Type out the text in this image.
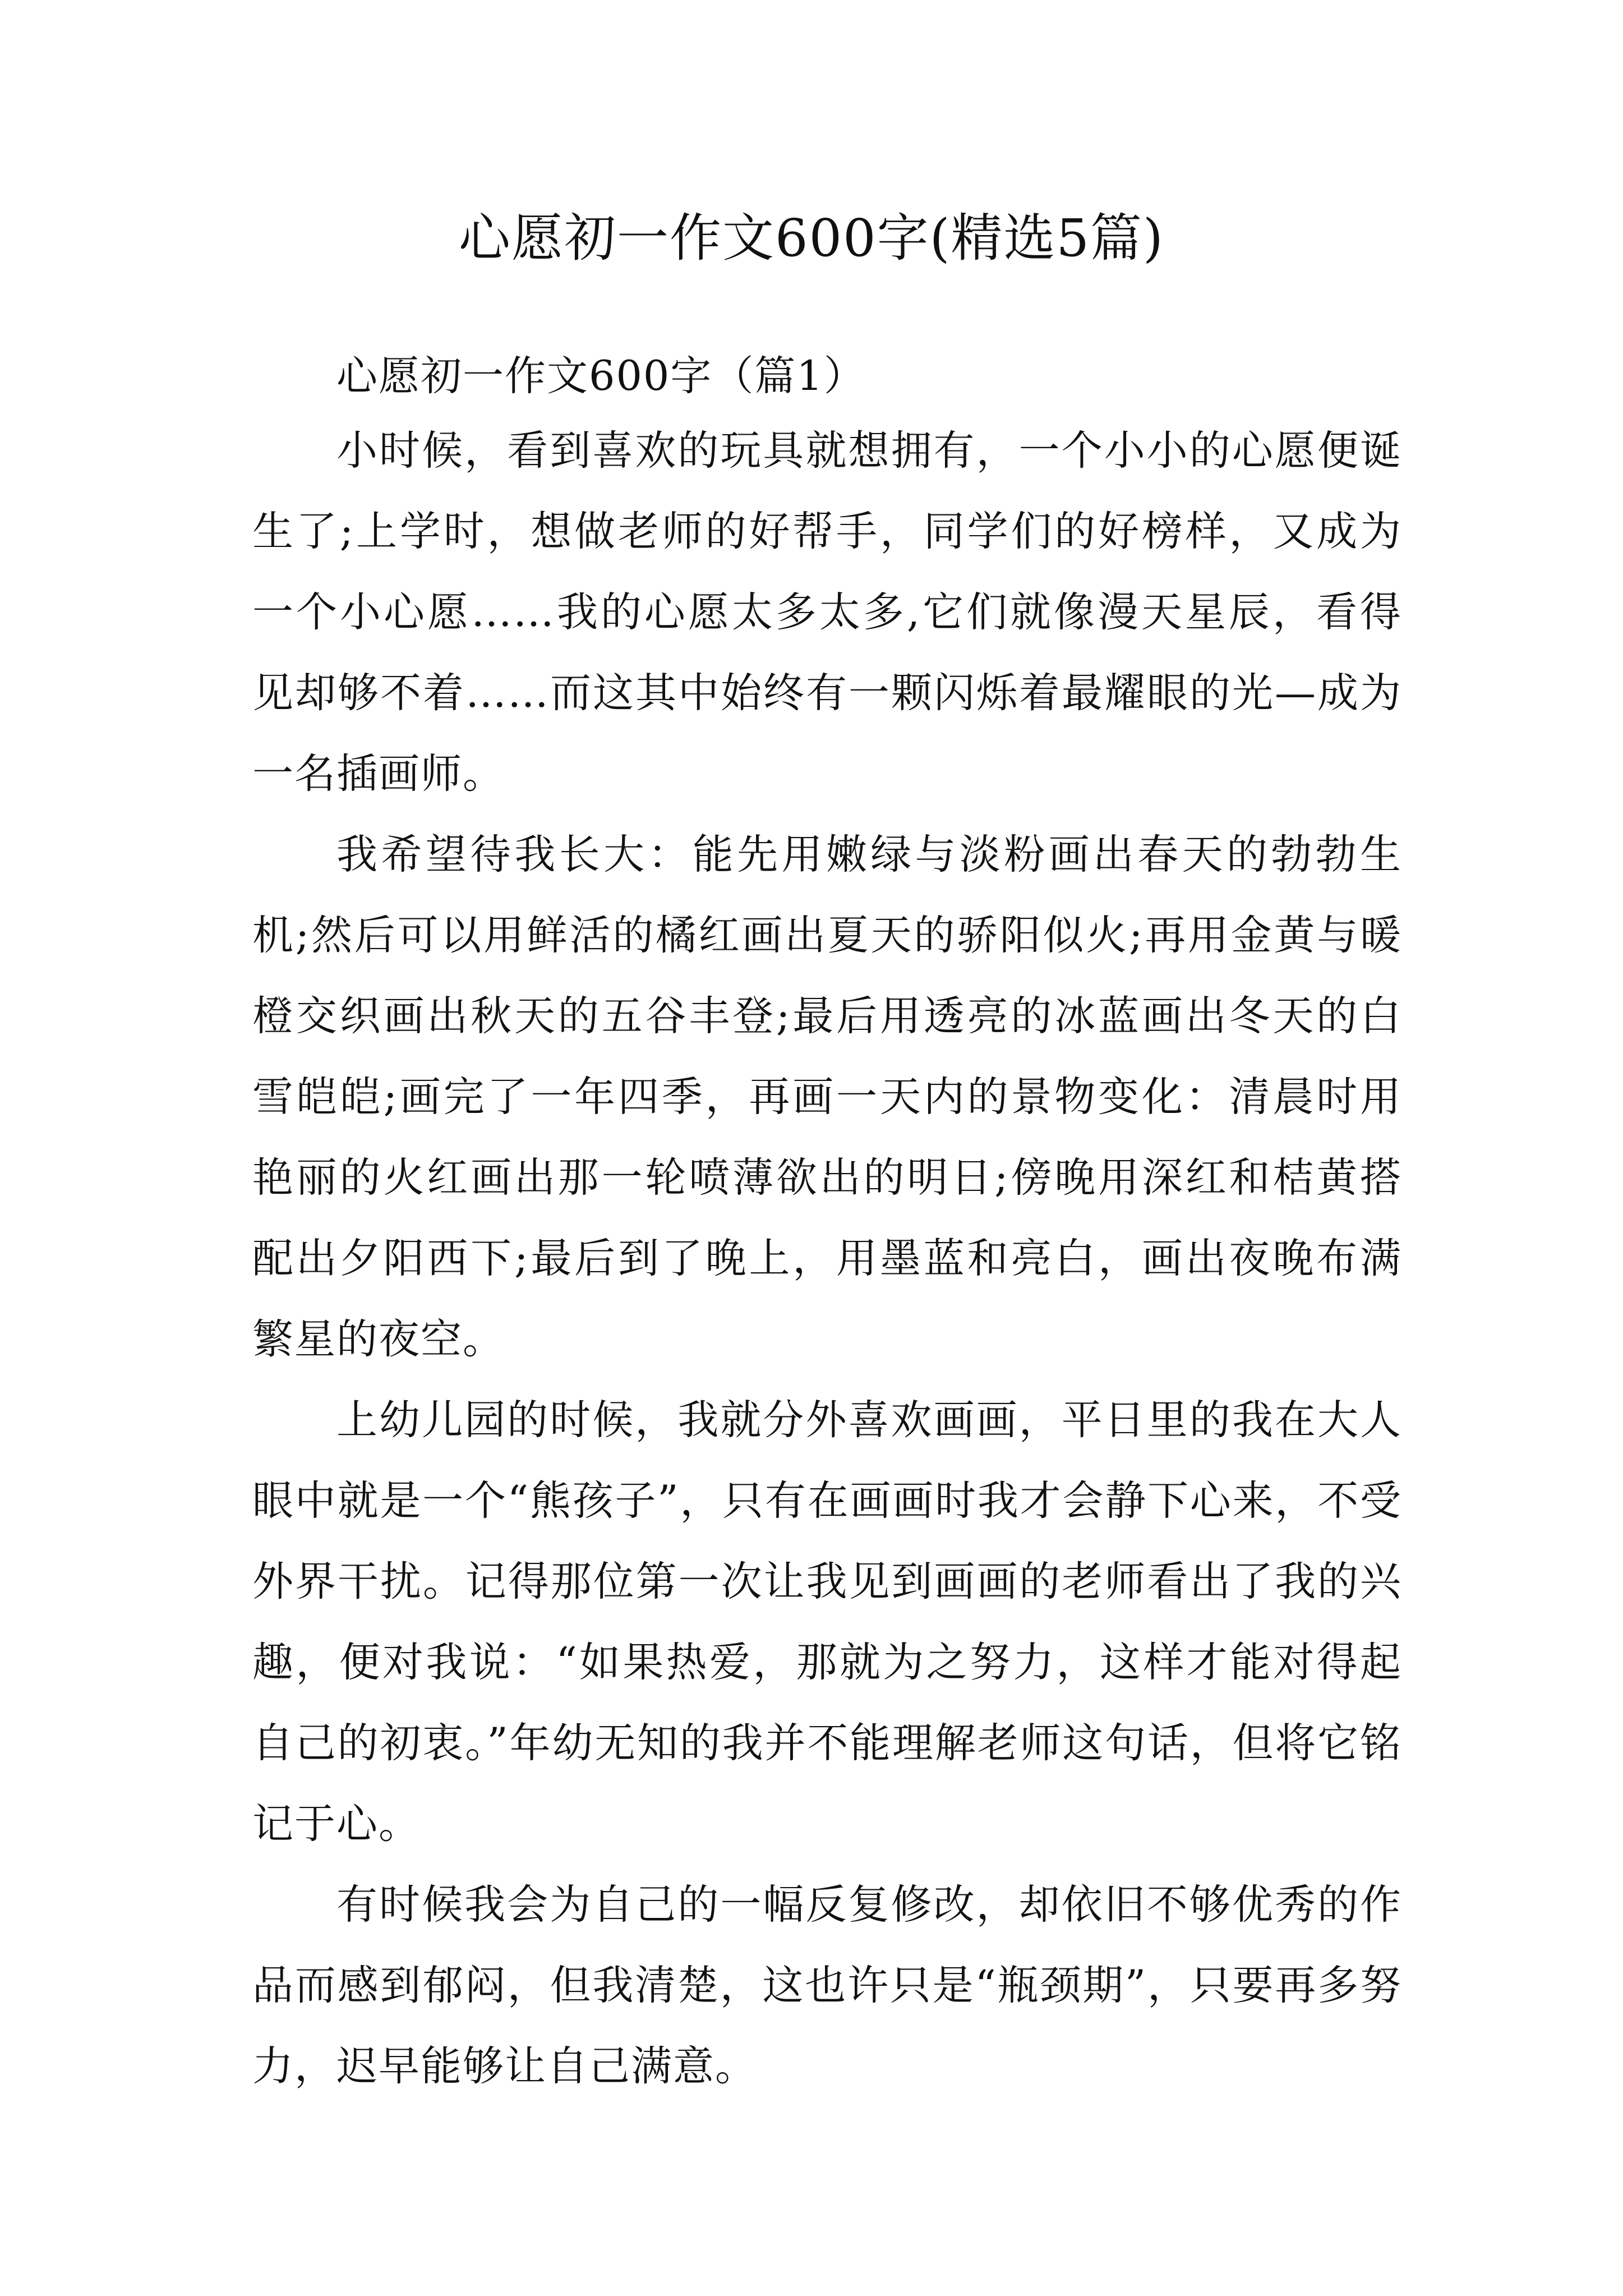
心愿初一作文600字(精选5篇)
心愿初一作文600字（篇1）

小时候，看到喜欢的玩具就想拥有，一个小小的心愿便诞生了;上学时，想做老师的好帮手，同学们的好榜样，又成为一个小心愿……我的心愿太多太多,它们就像漫天星辰，看得见却够不着……而这其中始终有一颗闪烁着最耀眼的光—成为一名插画师。

我希望待我长大：能先用嫩绿与淡粉画出春天的勃勃生机;然后可以用鲜活的橘红画出夏天的骄阳似火;再用金黄与暖橙交织画出秋天的五谷丰登;最后用透亮的冰蓝画出冬天的白雪皑皑;画完了一年四季，再画一天内的景物变化：清晨时用艳丽的火红画出那一轮喷薄欲出的明日;傍晚用深红和桔黄搭配出夕阳西下;最后到了晚上，用墨蓝和亮白，画出夜晚布满繁星的夜空。

上幼儿园的时候，我就分外喜欢画画，平日里的我在大人眼中就是一个“熊孩子”，只有在画画时我才会静下心来，不受外界干扰。记得那位第一次让我见到画画的老师看出了我的兴趣，便对我说：“如果热爱，那就为之努力，这样才能对得起自己的初衷。”年幼无知的我并不能理解老师这句话，但将它铭记于心。

有时候我会为自己的一幅反复修改，却依旧不够优秀的作品而感到郁闷，但我清楚，这也许只是“瓶颈期”，只要再多努力，迟早能够让自己满意。
